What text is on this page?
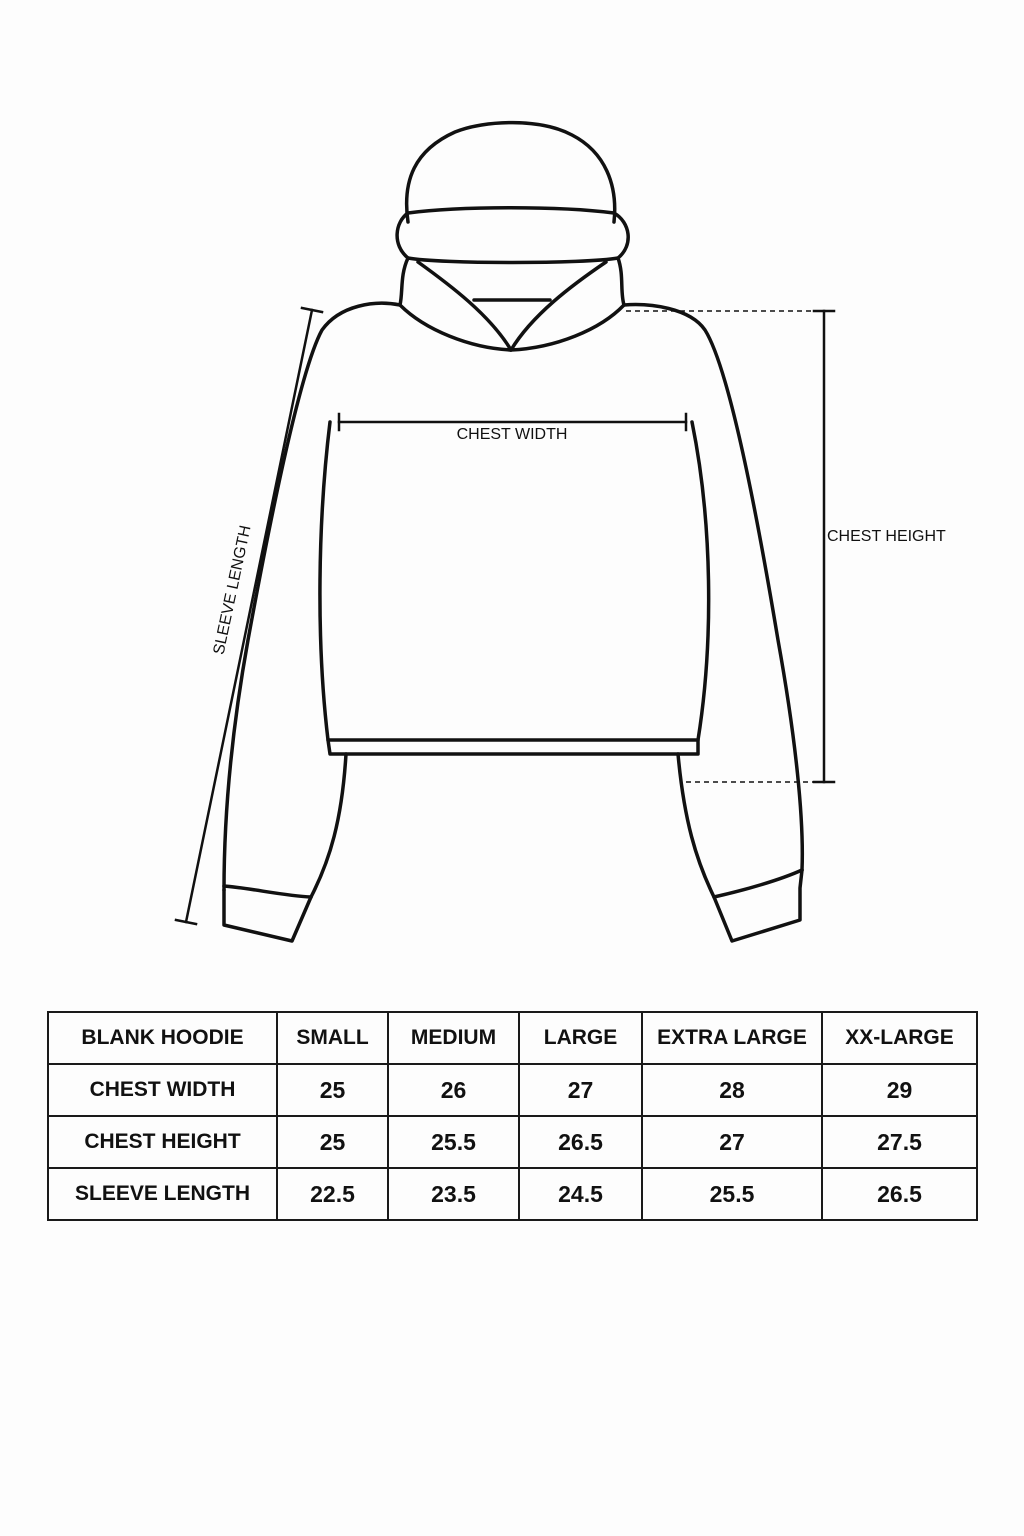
CHEST WIDTH
CHEST HEIGHT
SLEEVE LENGTH
BLANK HOODIE	SMALL	MEDIUM	LARGE	EXTRA LARGE	XX-LARGE
CHEST WIDTH	25	26	27	28	29
CHEST HEIGHT	25	25.5	26.5	27	27.5
SLEEVE LENGTH	22.5	23.5	24.5	25.5	26.5
